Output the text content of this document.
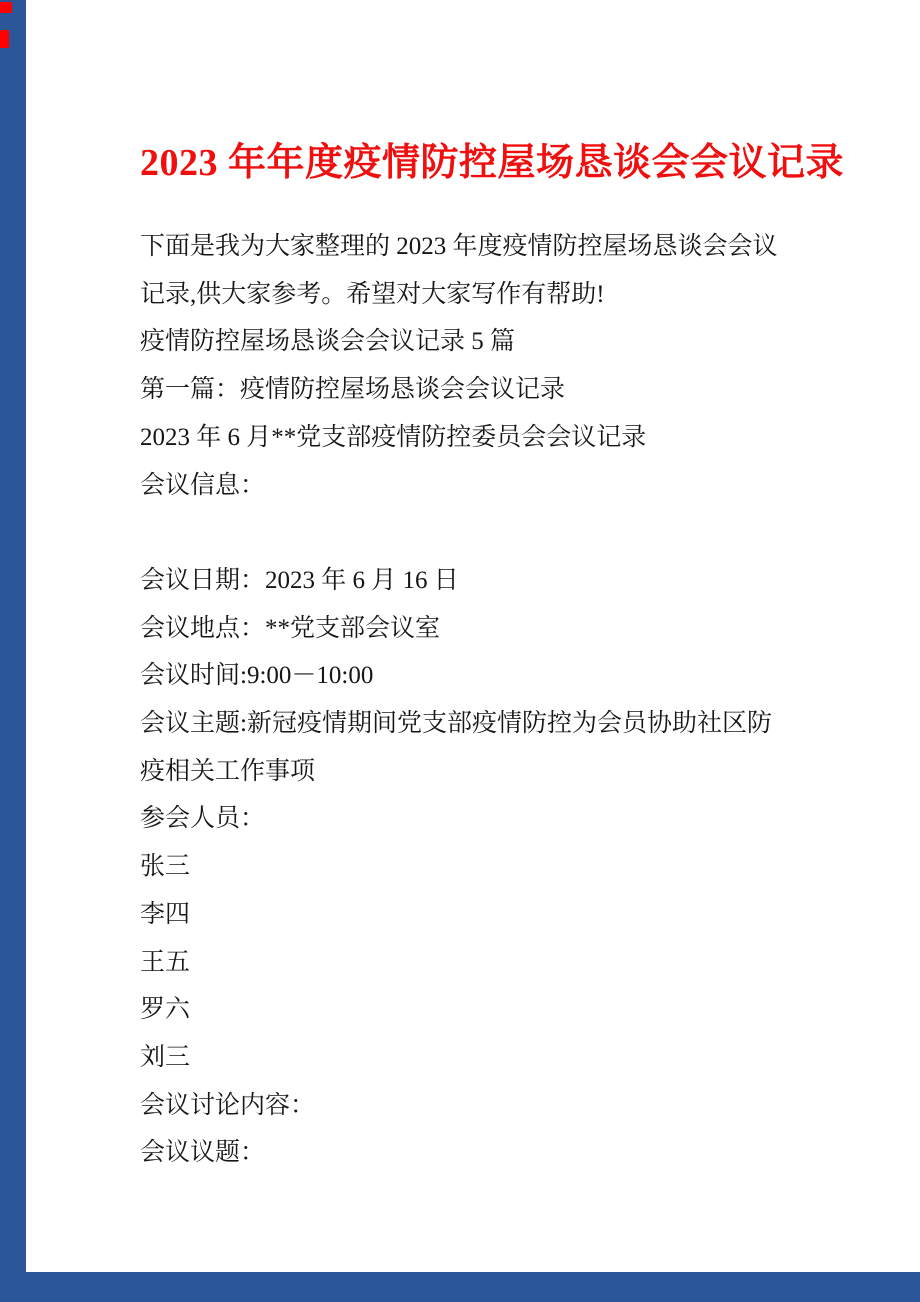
2023 年年度疫情防控屋场恳谈会会议记录
下面是我为大家整理的 2023 年度疫情防控屋场恳谈会会议
记录,供大家参考。希望对大家写作有帮助!
疫情防控屋场恳谈会会议记录 5 篇
第一篇：疫情防控屋场恳谈会会议记录
2023 年 6 月**党支部疫情防控委员会会议记录
会议信息：

会议日期：2023 年 6 月 16 日
会议地点：**党支部会议室
会议时间:9:00－10:00
会议主题:新冠疫情期间党支部疫情防控为会员协助社区防
疫相关工作事项
参会人员：
张三
李四
王五
罗六
刘三
会议讨论内容：
会议议题：
